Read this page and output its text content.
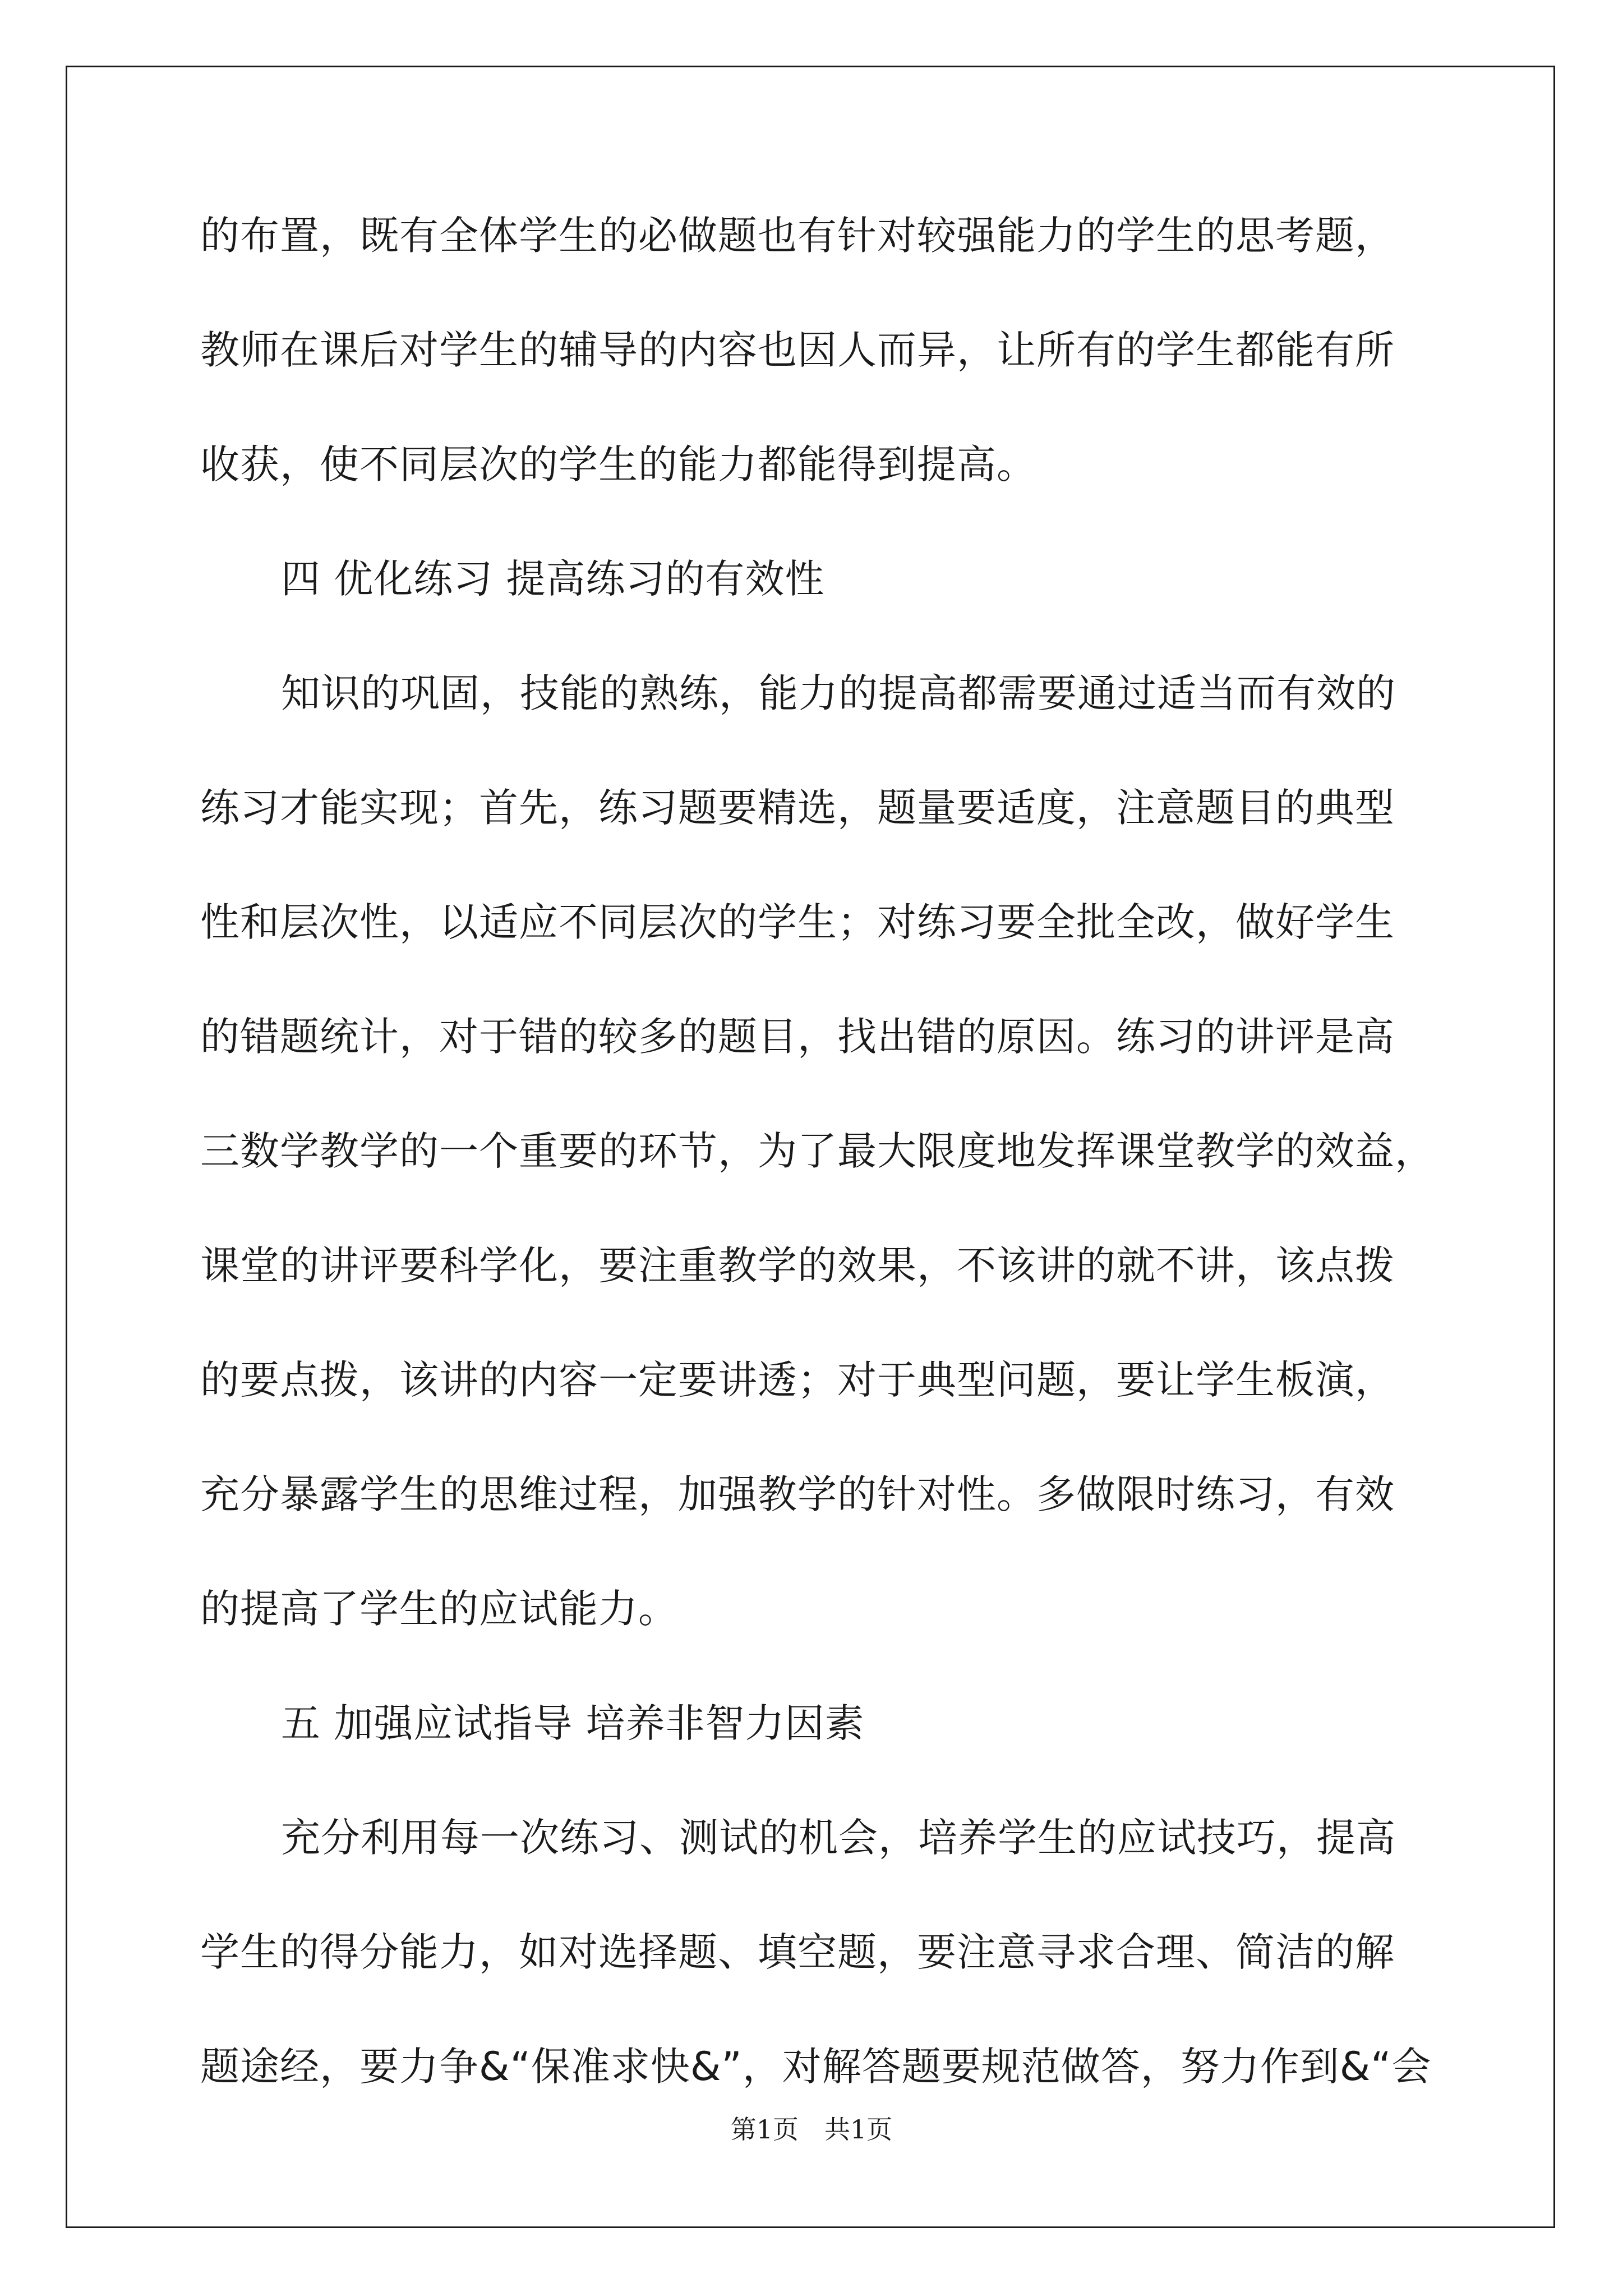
的布置，既有全体学生的必做题也有针对较强能力的学生的思考题，
教师在课后对学生的辅导的内容也因人而异，让所有的学生都能有所
收获，使不同层次的学生的能力都能得到提高。
四 优化练习 提高练习的有效性
知识的巩固，技能的熟练，能力的提高都需要通过适当而有效的
练习才能实现；首先，练习题要精选，题量要适度，注意题目的典型
性和层次性，以适应不同层次的学生；对练习要全批全改，做好学生
的错题统计，对于错的较多的题目，找出错的原因。练习的讲评是高
三数学教学的一个重要的环节，为了最大限度地发挥课堂教学的效益，
课堂的讲评要科学化，要注重教学的效果，不该讲的就不讲，该点拨
的要点拨，该讲的内容一定要讲透；对于典型问题，要让学生板演，
充分暴露学生的思维过程，加强教学的针对性。多做限时练习，有效
的提高了学生的应试能力。
五 加强应试指导 培养非智力因素
充分利用每一次练习、测试的机会，培养学生的应试技巧，提高
学生的得分能力，如对选择题、填空题，要注意寻求合理、简洁的解
题途经，要力争&“保准求快&”，对解答题要规范做答，努力作到&“会
第1页　共1页
